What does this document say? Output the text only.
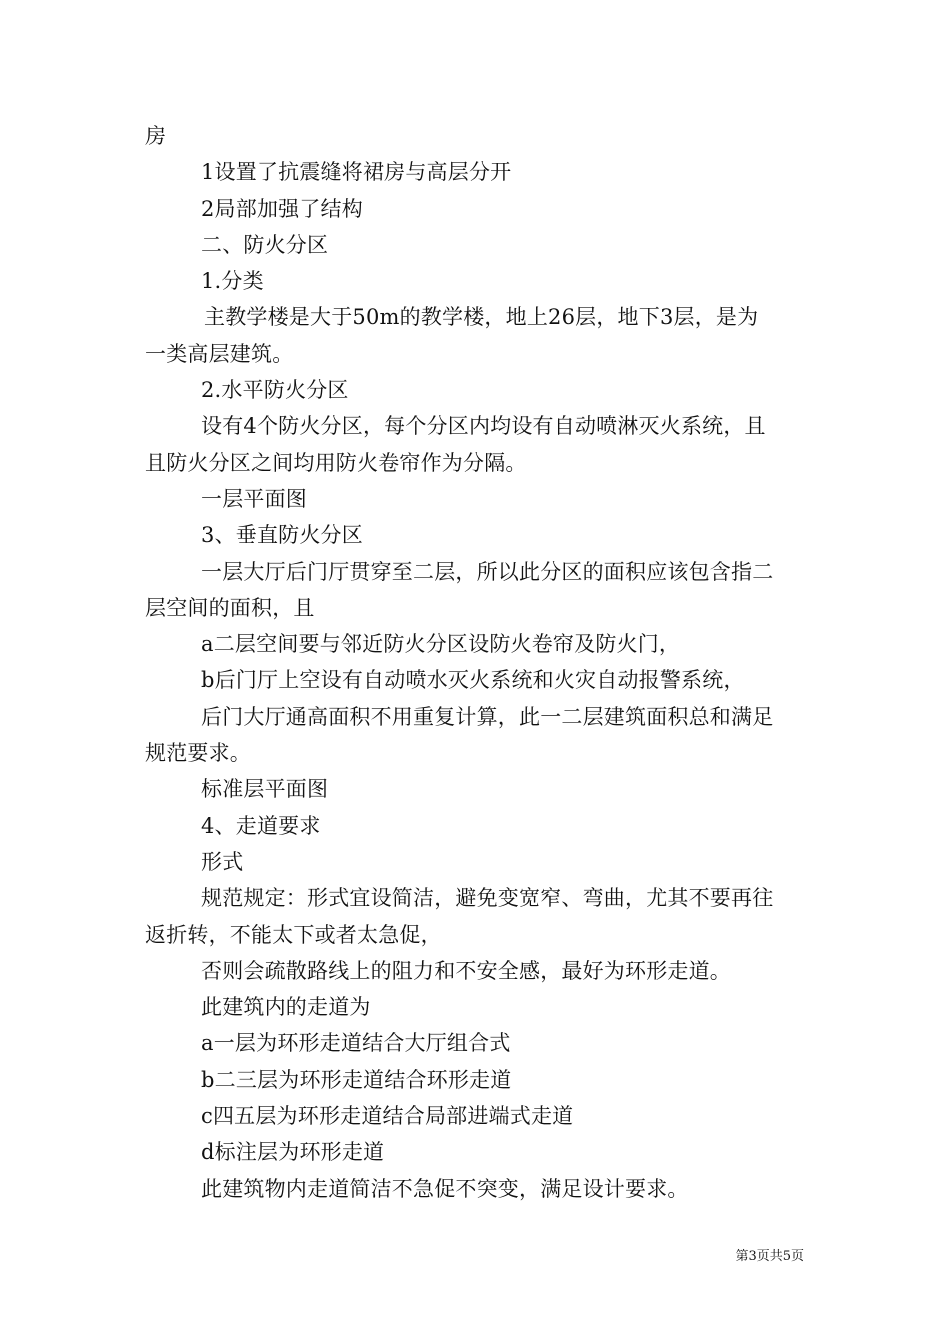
房
1设置了抗震缝将裙房与高层分开
2局部加强了结构
二、防火分区
1.分类
主教学楼是大于50m的教学楼，地上26层，地下3层，是为
一类高层建筑。
2.水平防火分区
设有4个防火分区，每个分区内均设有自动喷淋灭火系统，且
且防火分区之间均用防火卷帘作为分隔。
一层平面图
3、垂直防火分区
一层大厅后门厅贯穿至二层，所以此分区的面积应该包含指二
层空间的面积，且
a二层空间要与邻近防火分区设防火卷帘及防火门，
b后门厅上空设有自动喷水灭火系统和火灾自动报警系统，
后门大厅通高面积不用重复计算，此一二层建筑面积总和满足
规范要求。
标准层平面图
4、走道要求
形式
规范规定：形式宜设简洁，避免变宽窄、弯曲，尤其不要再往
返折转，不能太下或者太急促，
否则会疏散路线上的阻力和不安全感，最好为环形走道。
此建筑内的走道为
a一层为环形走道结合大厅组合式
b二三层为环形走道结合环形走道
c四五层为环形走道结合局部进端式走道
d标注层为环形走道
此建筑物内走道简洁不急促不突变，满足设计要求。
第3页共5页
